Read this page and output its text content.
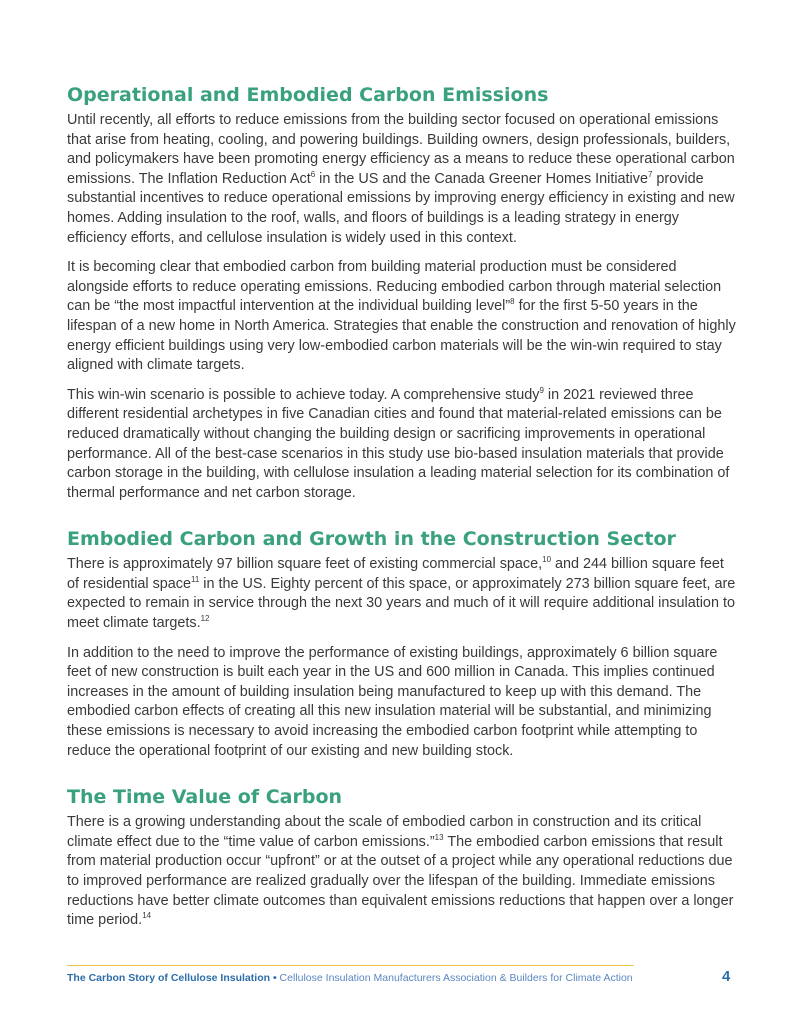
Operational and Embodied Carbon Emissions

Until recently, all efforts to reduce emissions from the building sector focused on operational emissions that arise from heating, cooling, and powering buildings. Building owners, design professionals, builders, and policymakers have been promoting energy efficiency as a means to reduce these operational carbon emissions. The Inflation Reduction Act$^6$ in the US and the Canada Greener Homes Initiative$^7$ provide substantial incentives to reduce operational emissions by improving energy efficiency in existing and new homes. Adding insulation to the roof, walls, and floors of buildings is a leading strategy in energy efficiency efforts, and cellulose insulation is widely used in this context.

It is becoming clear that embodied carbon from building material production must be considered alongside efforts to reduce operating emissions. Reducing embodied carbon through material selection can be “the most impactful intervention at the individual building level”$^8$ for the first 5-50 years in the lifespan of a new home in North America. Strategies that enable the construction and renovation of highly energy efficient buildings using very low-embodied carbon materials will be the win-win required to stay aligned with climate targets.

This win-win scenario is possible to achieve today. A comprehensive study$^9$ in 2021 reviewed three different residential archetypes in five Canadian cities and found that material-related emissions can be reduced dramatically without changing the building design or sacrificing improvements in operational performance. All of the best-case scenarios in this study use bio-based insulation materials that provide carbon storage in the building, with cellulose insulation a leading material selection for its combination of thermal performance and net carbon storage.

Embodied Carbon and Growth in the Construction Sector

There is approximately 97 billion square feet of existing commercial space,$^{10}$ and 244 billion square feet of residential space$^{11}$ in the US. Eighty percent of this space, or approximately 273 billion square feet, are expected to remain in service through the next 30 years and much of it will require additional insulation to meet climate targets.$^{12}$

In addition to the need to improve the performance of existing buildings, approximately 6 billion square feet of new construction is built each year in the US and 600 million in Canada. This implies continued increases in the amount of building insulation being manufactured to keep up with this demand. The embodied carbon effects of creating all this new insulation material will be substantial, and minimizing these emissions is necessary to avoid increasing the embodied carbon footprint while attempting to reduce the operational footprint of our existing and new building stock.

The Time Value of Carbon

There is a growing understanding about the scale of embodied carbon in construction and its critical climate effect due to the “time value of carbon emissions.”$^{13}$ The embodied carbon emissions that result from material production occur “upfront” or at the outset of a project while any operational reductions due to improved performance are realized gradually over the lifespan of the building. Immediate emissions reductions have better climate outcomes than equivalent emissions reductions that happen over a longer time period.$^{14}$

The Carbon Story of Cellulose Insulation • Cellulose Insulation Manufacturers Association & Builders for Climate Action	4
